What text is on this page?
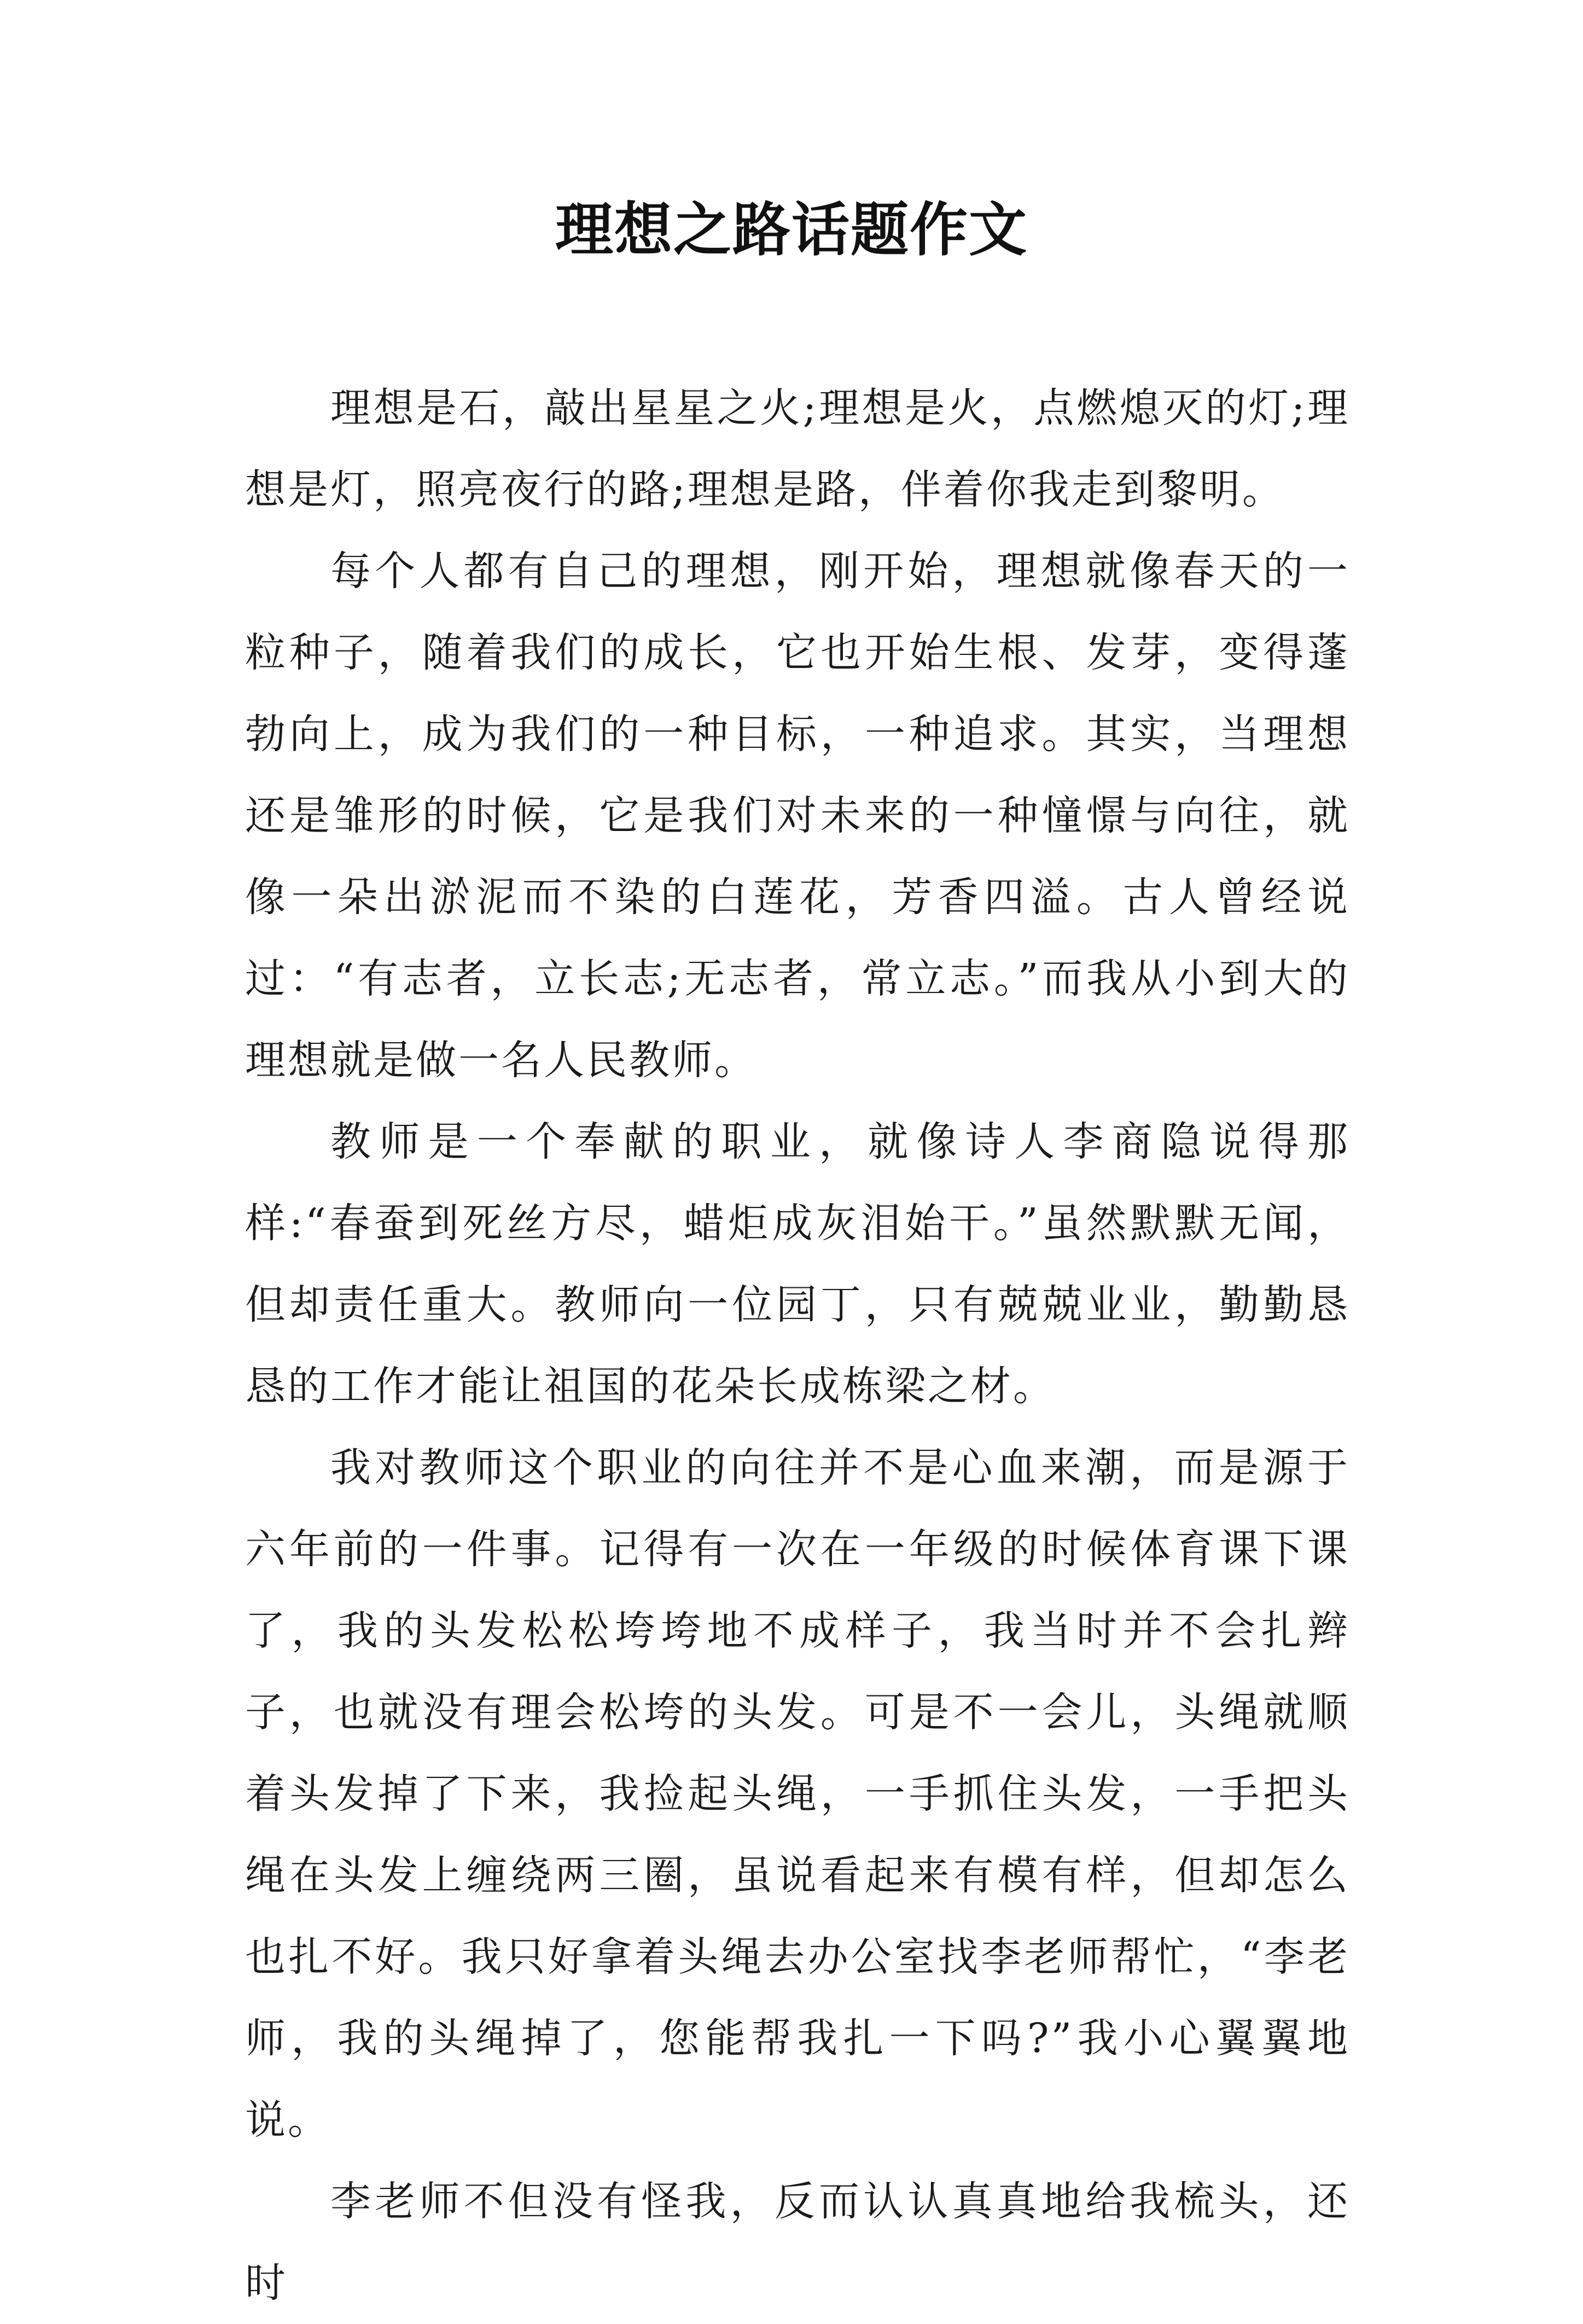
理想之路话题作文

理想是石，敲出星星之火;理想是火，点燃熄灭的灯;理想是灯，照亮夜行的路;理想是路，伴着你我走到黎明。

每个人都有自己的理想，刚开始，理想就像春天的一粒种子，随着我们的成长，它也开始生根、发芽，变得蓬勃向上，成为我们的一种目标，一种追求。其实，当理想还是雏形的时候，它是我们对未来的一种憧憬与向往，就像一朵出淤泥而不染的白莲花，芳香四溢。古人曾经说过：“有志者，立长志;无志者，常立志。”而我从小到大的理想就是做一名人民教师。

教师是一个奉献的职业，就像诗人李商隐说得那样:“春蚕到死丝方尽，蜡炬成灰泪始干。”虽然默默无闻，但却责任重大。教师向一位园丁，只有兢兢业业，勤勤恳恳的工作才能让祖国的花朵长成栋梁之材。

我对教师这个职业的向往并不是心血来潮，而是源于六年前的一件事。记得有一次在一年级的时候体育课下课了，我的头发松松垮垮地不成样子，我当时并不会扎辫子，也就没有理会松垮的头发。可是不一会儿，头绳就顺着头发掉了下来，我捡起头绳，一手抓住头发，一手把头绳在头发上缠绕两三圈，虽说看起来有模有样，但却怎么也扎不好。我只好拿着头绳去办公室找李老师帮忙，“李老师，我的头绳掉了，您能帮我扎一下吗?”我小心翼翼地说。

李老师不但没有怪我，反而认认真真地给我梳头，还时
